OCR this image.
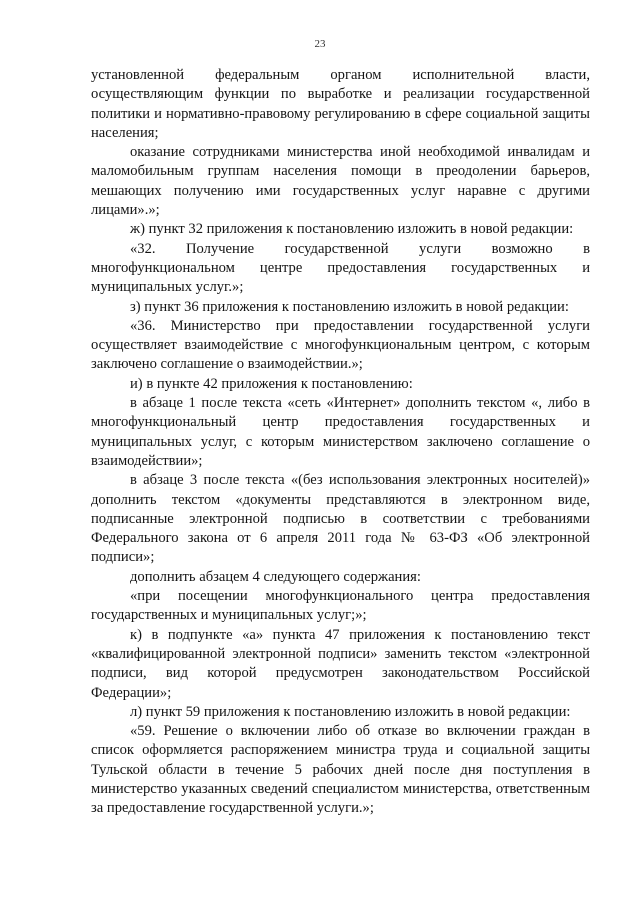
23

установленной федеральным органом исполнительной власти, осуществляющим функции по выработке и реализации государственной политики и нормативно-правовому регулированию в сфере социальной защиты населения;

оказание сотрудниками министерства иной необходимой инвалидам и маломобильным группам населения помощи в преодолении барьеров, мешающих получению ими государственных услуг наравне с другими лицами».»;

ж) пункт 32 приложения к постановлению изложить в новой редакции:

«32. Получение государственной услуги возможно в многофункциональном центре предоставления государственных и муниципальных услуг.»;

з) пункт 36 приложения к постановлению изложить в новой редакции:

«36. Министерство при предоставлении государственной услуги осуществляет взаимодействие с многофункциональным центром, с которым заключено соглашение о взаимодействии.»;

и) в пункте 42 приложения к постановлению:

в абзаце 1 после текста «сеть «Интернет» дополнить текстом «, либо в многофункциональный центр предоставления государственных и муниципальных услуг, с которым министерством заключено соглашение о взаимодействии»;

в абзаце 3 после текста «(без использования электронных носителей)» дополнить текстом «документы представляются в электронном виде, подписанные электронной подписью в соответствии с требованиями Федерального закона от 6 апреля 2011 года № 63-ФЗ «Об электронной подписи»;

дополнить абзацем 4 следующего содержания:

«при посещении многофункционального центра предоставления государственных и муниципальных услуг;»;

к) в подпункте «а» пункта 47 приложения к постановлению текст «квалифицированной электронной подписи» заменить текстом «электронной подписи, вид которой предусмотрен законодательством Российской Федерации»;

л) пункт 59 приложения к постановлению изложить в новой редакции:

«59. Решение о включении либо об отказе во включении граждан в список оформляется распоряжением министра труда и социальной защиты Тульской области в течение 5 рабочих дней после дня поступления в министерство указанных сведений специалистом министерства, ответственным за предоставление государственной услуги.»;
